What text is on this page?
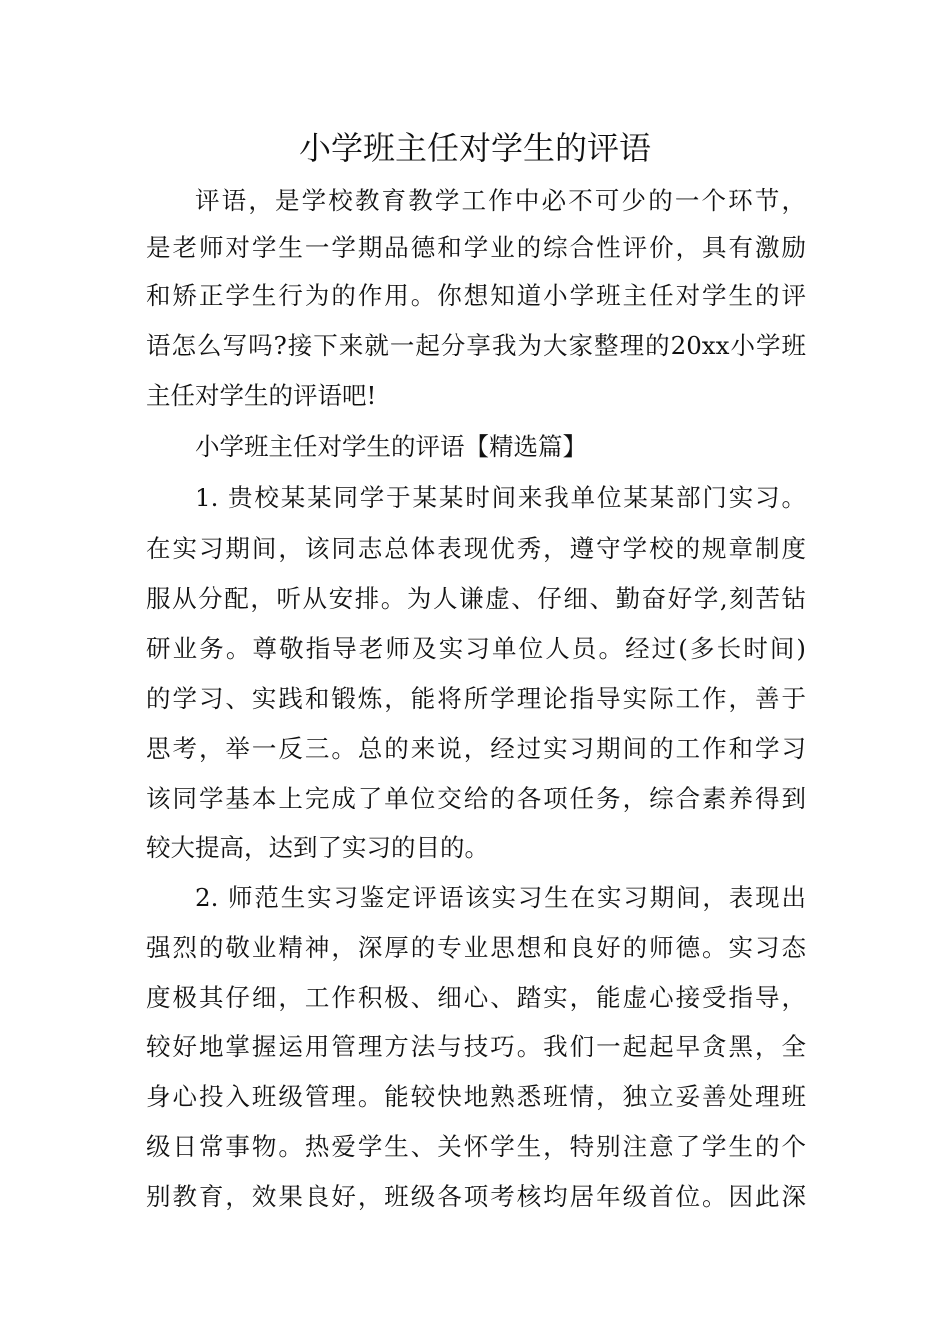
小学班主任对学生的评语
评语，是学校教育教学工作中必不可少的一个环节，
是老师对学生一学期品德和学业的综合性评价，具有激励
和矫正学生行为的作用。你想知道小学班主任对学生的评
语怎么写吗?接下来就一起分享我为大家整理的20xx小学班
主任对学生的评语吧!
小学班主任对学生的评语【精选篇】
1. 贵校某某同学于某某时间来我单位某某部门实习。
在实习期间，该同志总体表现优秀，遵守学校的规章制度
服从分配，听从安排。为人谦虚、仔细、勤奋好学,刻苦钻
研业务。尊敬指导老师及实习单位人员。经过(多长时间)
的学习、实践和锻炼，能将所学理论指导实际工作，善于
思考，举一反三。总的来说，经过实习期间的工作和学习
该同学基本上完成了单位交给的各项任务，综合素养得到
较大提高，达到了实习的目的。
2. 师范生实习鉴定评语该实习生在实习期间，表现出
强烈的敬业精神，深厚的专业思想和良好的师德。实习态
度极其仔细，工作积极、细心、踏实，能虚心接受指导，
较好地掌握运用管理方法与技巧。我们一起起早贪黑，全
身心投入班级管理。能较快地熟悉班情，独立妥善处理班
级日常事物。热爱学生、关怀学生，特别注意了学生的个
别教育，效果良好，班级各项考核均居年级首位。因此深
